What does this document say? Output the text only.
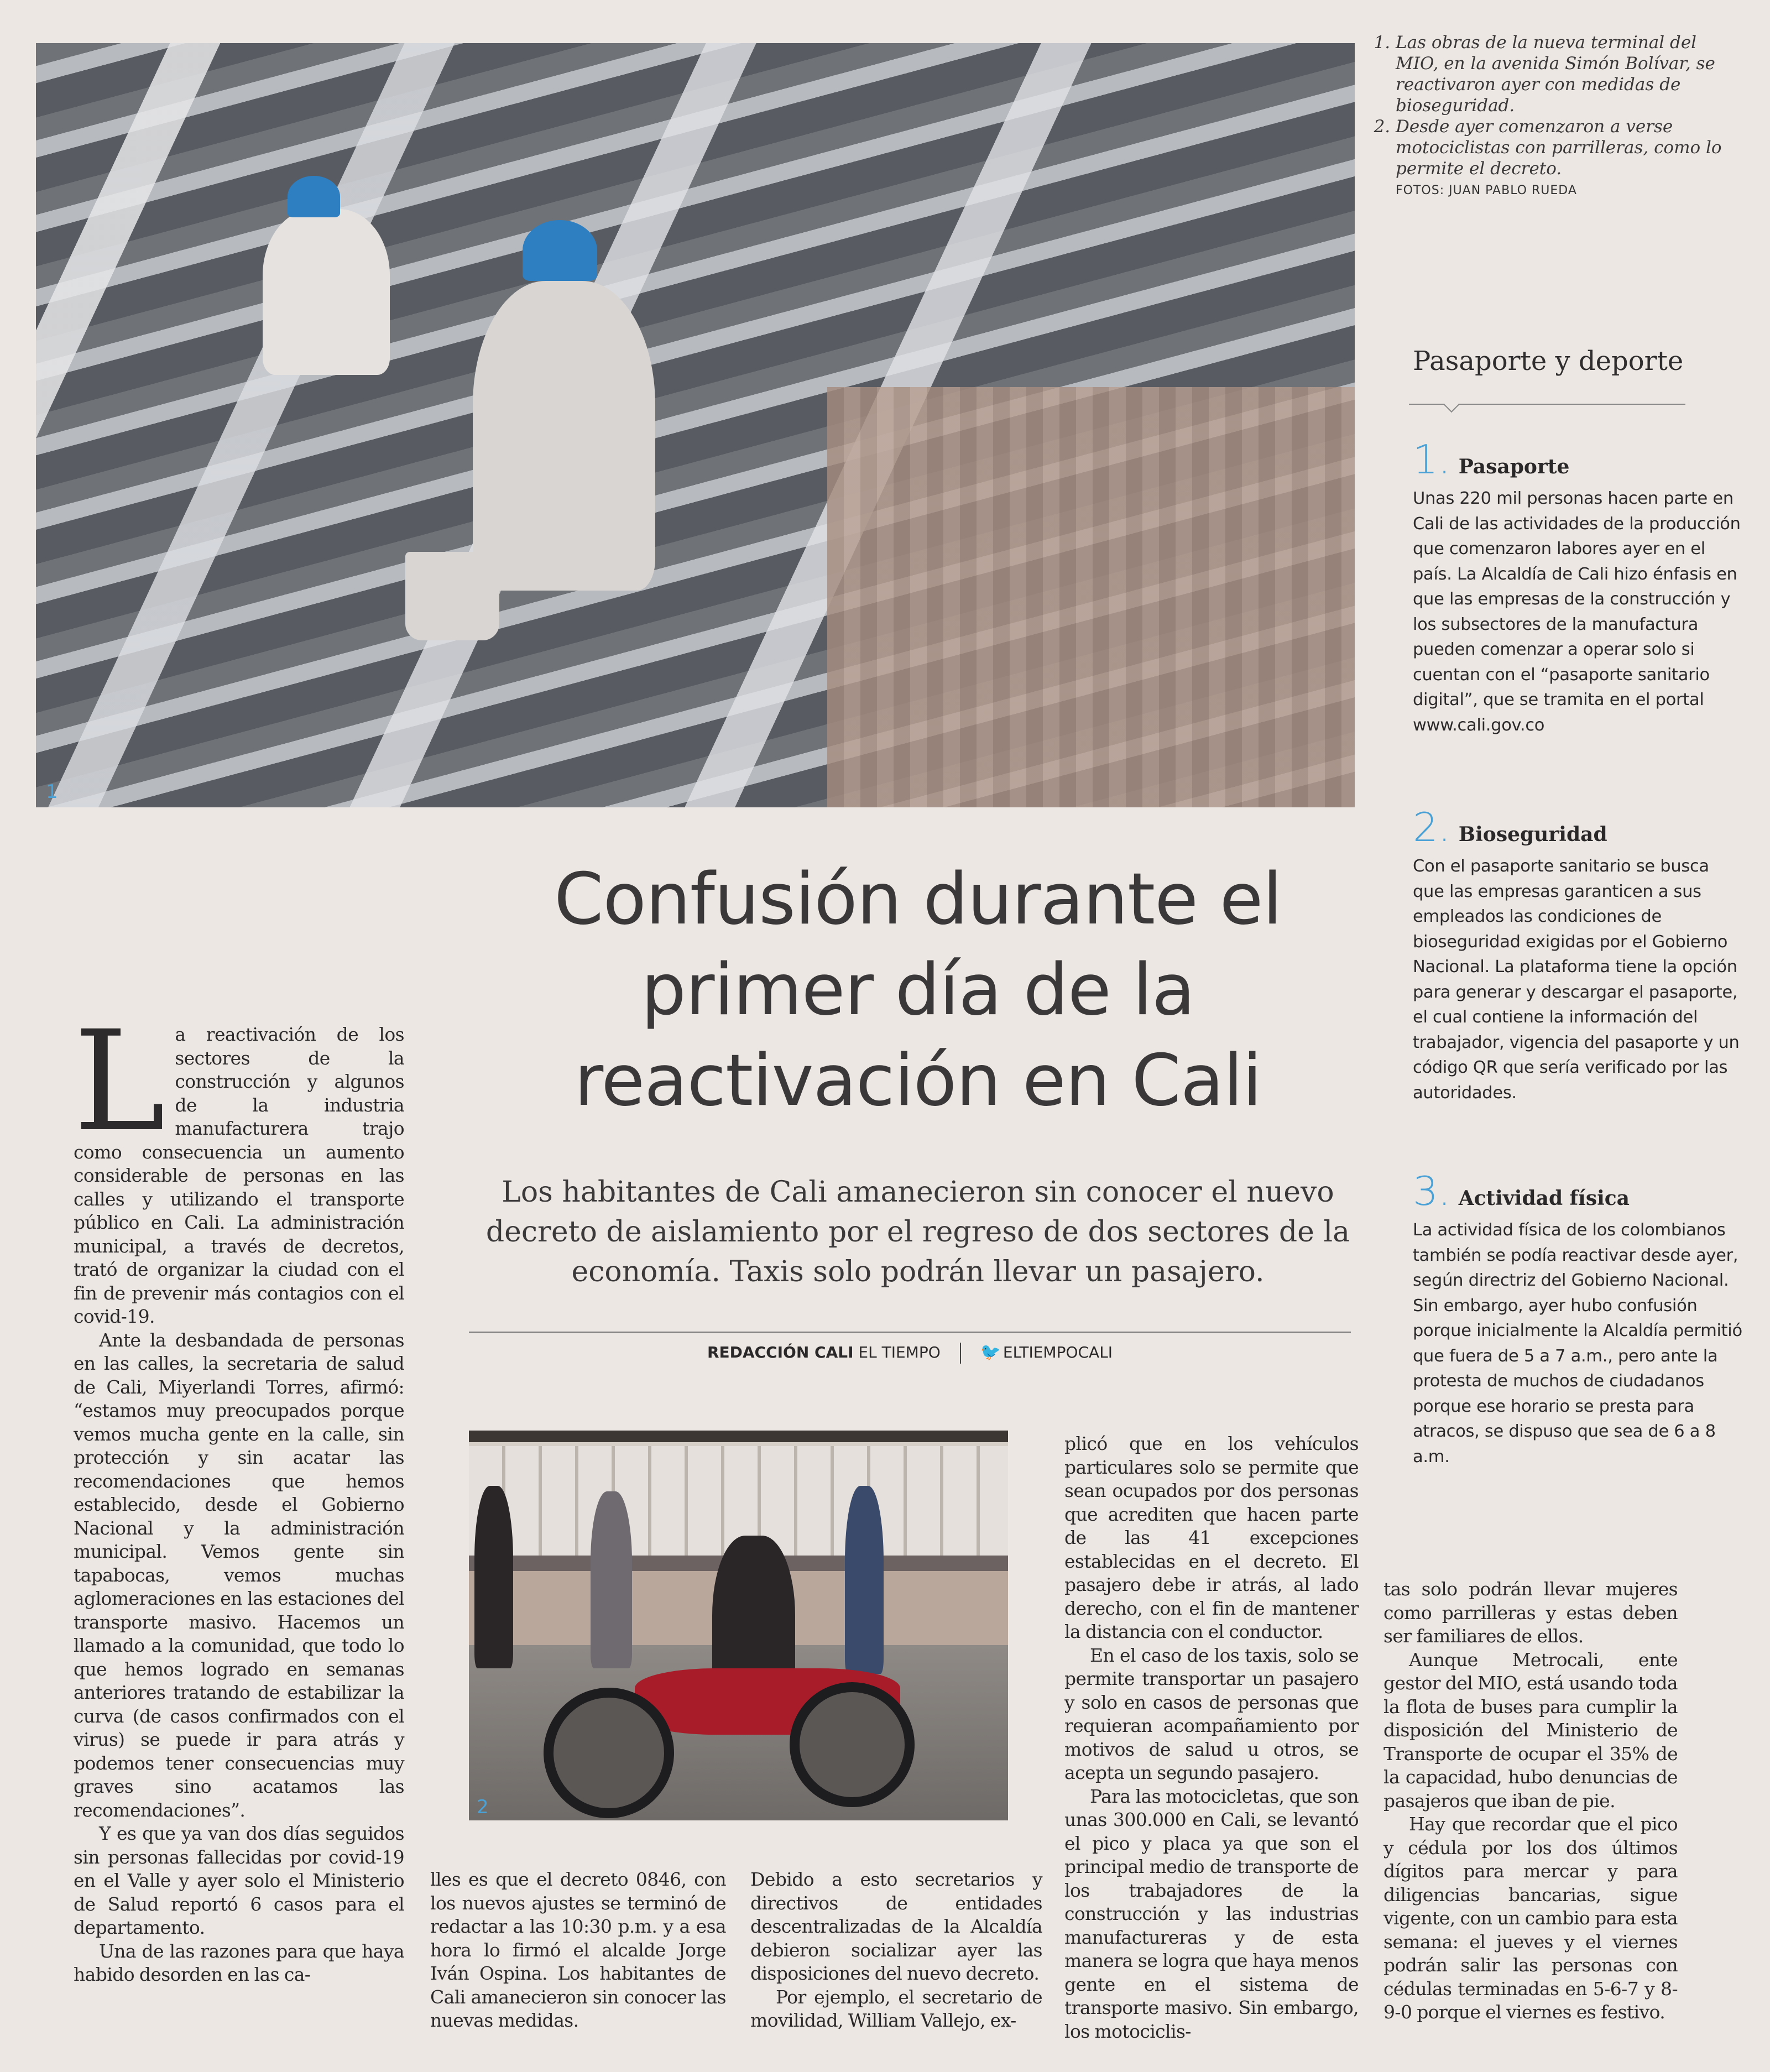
1
1. Las obras de la nueva terminal del MIO, en la avenida Simón Bolívar, se reactivaron ayer con medidas de bioseguridad.
2. Desde ayer comenzaron a verse motociclistas con parrilleras, como lo permite el decreto.
FOTOS: JUAN PABLO RUEDA
Pasaporte y deporte
1. Pasaporte
Unas 220 mil personas hacen parte en Cali de las actividades de la producción que comenzaron labores ayer en el país. La Alcaldía de Cali hizo énfasis en que las empresas de la construcción y los subsectores de la manufactura pueden comenzar a operar solo si cuentan con el “pasaporte sanitario digital”, que se tramita en el portal www.cali.gov.co
2. Bioseguridad
Con el pasaporte sanitario se busca que las empresas garanticen a sus empleados las condiciones de bioseguridad exigidas por el Gobierno Nacional. La plataforma tiene la opción para generar y descargar el pasaporte, el cual contiene la información del trabajador, vigencia del pasaporte y un código QR que sería verificado por las autoridades.
3. Actividad física
La actividad física de los colombianos también se podía reactivar desde ayer, según directriz del Gobierno Nacional. Sin embargo, ayer hubo confusión porque inicialmente la Alcaldía permitió que fuera de 5 a 7 a.m., pero ante la protesta de muchos de ciudadanos porque ese horario se presta para atracos, se dispuso que sea de 6 a 8 a.m.
Confusión durante el primer día de la reactivación en Cali
Los habitantes de Cali amanecieron sin conocer el nuevo decreto de aislamiento por el regreso de dos sectores de la economía. Taxis solo podrán llevar un pasajero.
REDACCIÓN CALI EL TIEMPO 🐦 ELTIEMPOCALI
2
L a reactivación de los sectores de la construcción y algunos de la industria manufacturera trajo como consecuencia un aumento considerable de personas en las calles y utilizando el transporte público en Cali. La administración municipal, a través de decretos, trató de organizar la ciudad con el fin de prevenir más contagios con el covid-19.

Ante la desbandada de personas en las calles, la secretaria de salud de Cali, Miyerlandi Torres, afirmó: “estamos muy preocupados porque vemos mucha gente en la calle, sin protección y sin acatar las recomendaciones que hemos establecido, desde el Gobierno Nacional y la administración municipal. Vemos gente sin tapabocas, vemos muchas aglomeraciones en las estaciones del transporte masivo. Hacemos un llamado a la comunidad, que todo lo que hemos logrado en semanas anteriores tratando de estabilizar la curva (de casos confirmados con el virus) se puede ir para atrás y podemos tener consecuencias muy graves sino acatamos las recomendaciones”.

Y es que ya van dos días seguidos sin personas fallecidas por covid-19 en el Valle y ayer solo el Ministerio de Salud reportó 6 casos para el departamento.

Una de las razones para que haya habido desorden en las ca-

lles es que el decreto 0846, con los nuevos ajustes se terminó de redactar a las 10:30 p.m. y a esa hora lo firmó el alcalde Jorge Iván Ospina. Los habitantes de Cali amanecieron sin conocer las nuevas medidas.

Debido a esto secretarios y directivos de entidades descentralizadas de la Alcaldía debieron socializar ayer las disposiciones del nuevo decreto.

Por ejemplo, el secretario de movilidad, William Vallejo, ex-

plicó que en los vehículos particulares solo se permite que sean ocupados por dos personas que acrediten que hacen parte de las 41 excepciones establecidas en el decreto. El pasajero debe ir atrás, al lado derecho, con el fin de mantener la distancia con el conductor.

En el caso de los taxis, solo se permite transportar un pasajero y solo en casos de personas que requieran acompañamiento por motivos de salud u otros, se acepta un segundo pasajero.

Para las motocicletas, que son unas 300.000 en Cali, se levantó el pico y placa ya que son el principal medio de transporte de los trabajadores de la construcción y las industrias manufactureras y de esta manera se logra que haya menos gente en el sistema de transporte masivo. Sin embargo, los motociclis-

tas solo podrán llevar mujeres como parrilleras y estas deben ser familiares de ellos.

Aunque Metrocali, ente gestor del MIO, está usando toda la flota de buses para cumplir la disposición del Ministerio de Transporte de ocupar el 35% de la capacidad, hubo denuncias de pasajeros que iban de pie.

Hay que recordar que el pico y cédula por los dos últimos dígitos para mercar y para diligencias bancarias, sigue vigente, con un cambio para esta semana: el jueves y el viernes podrán salir las personas con cédulas terminadas en 5-6-7 y 8-9-0 porque el viernes es festivo.
